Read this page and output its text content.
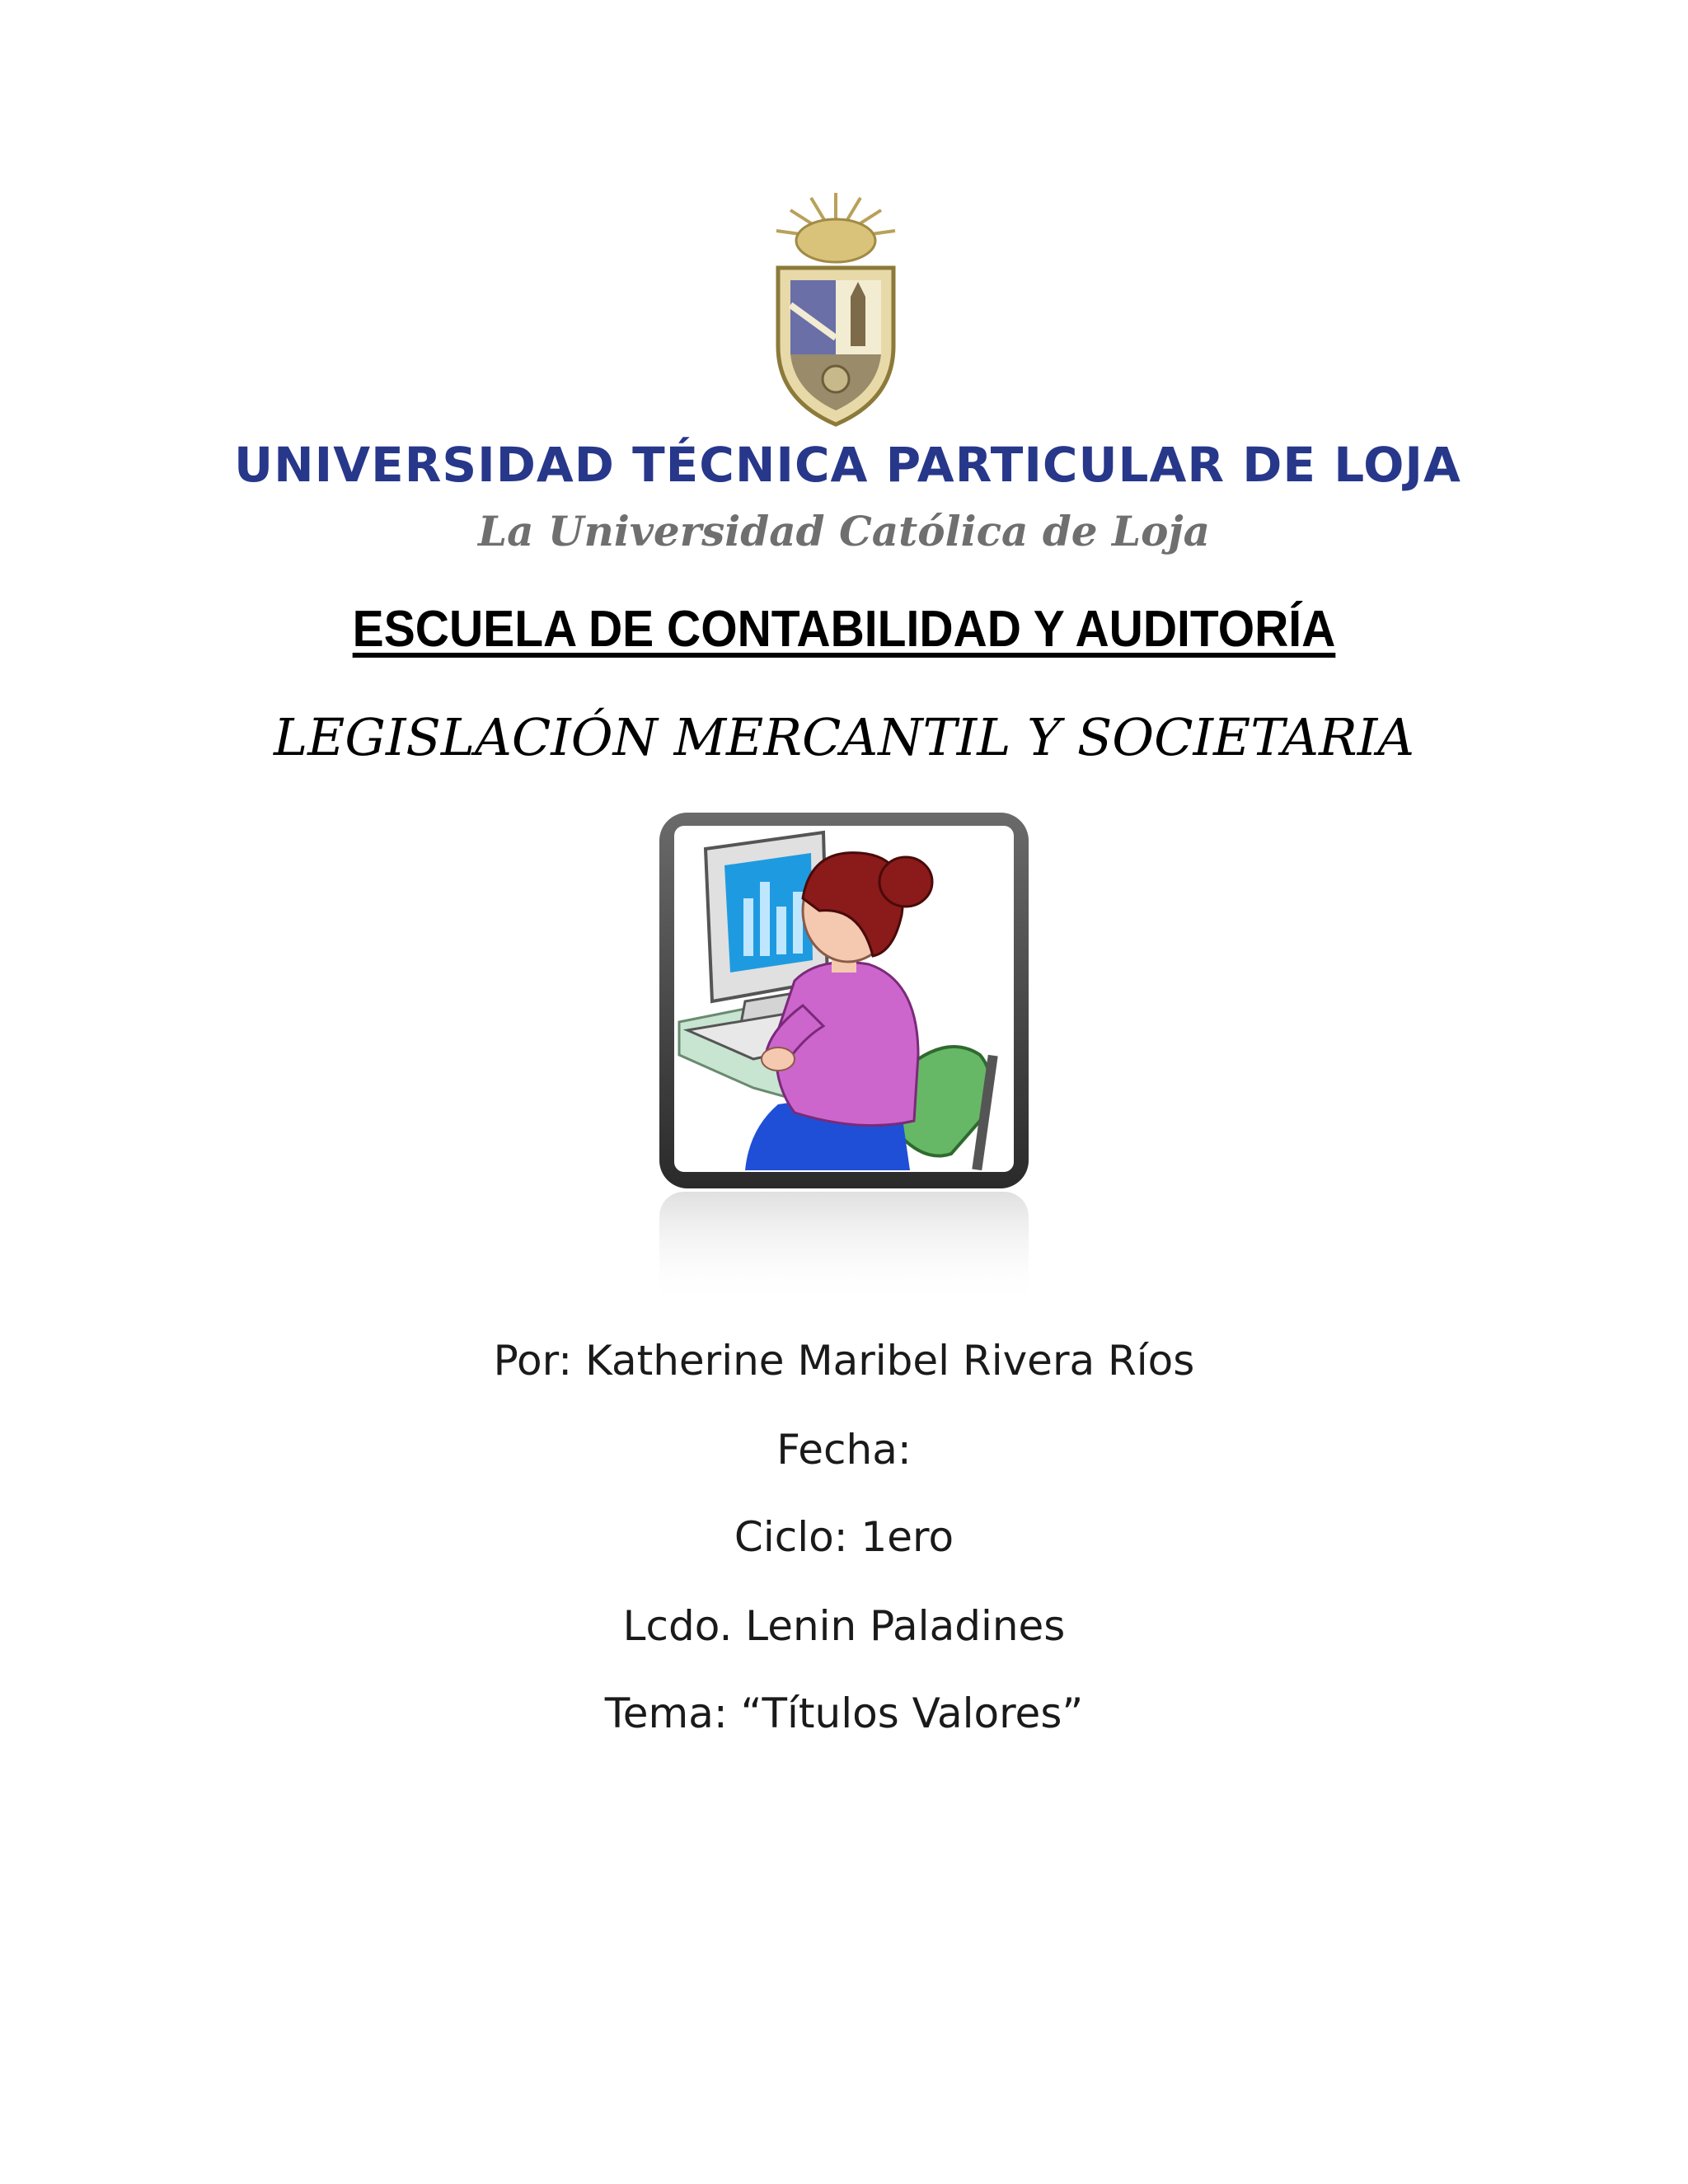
UNIVERSIDAD TÉCNICA PARTICULAR DE LOJA
La Universidad Católica de Loja
ESCUELA DE CONTABILIDAD Y AUDITORÍA
LEGISLACIÓN MERCANTIL Y SOCIETARIA
Por: Katherine Maribel Rivera Ríos
Fecha:
Ciclo: 1ero
Lcdo. Lenin Paladines
Tema: “Títulos Valores”
